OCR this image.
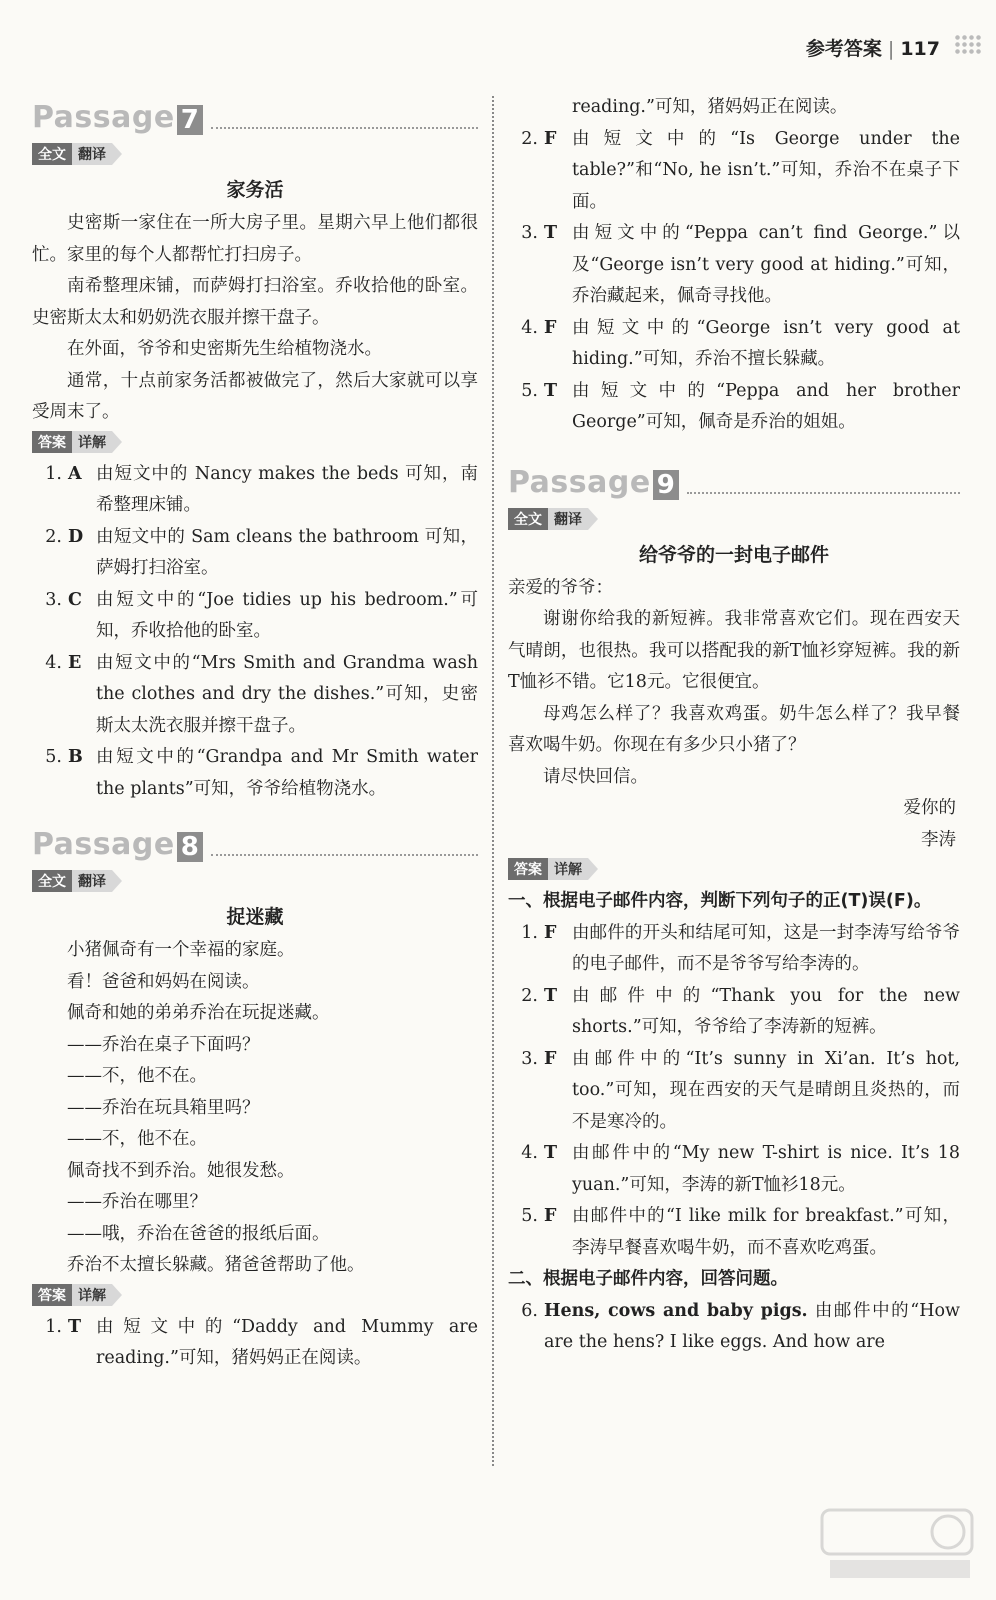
参考答案 | 117
Passage 7
全文 翻译
家务活

史密斯一家住在一所大房子里。星期六早上他们都很忙。家里的每个人都帮忙打扫房子。

南希整理床铺，而萨姆打扫浴室。乔收拾他的卧室。史密斯太太和奶奶洗衣服并擦干盘子。

在外面，爷爷和史密斯先生给植物浇水。

通常，十点前家务活都被做完了，然后大家就可以享受周末了。

答案 详解
1. A 由短文中的 Nancy makes the beds 可知，南希整理床铺。
2. D 由短文中的 Sam cleans the bathroom 可知，萨姆打扫浴室。
3. C 由短文中的“Joe tidies up his bedroom.”可知，乔收拾他的卧室。
4. E 由短文中的“Mrs Smith and Grandma wash the clothes and dry the dishes.”可知，史密斯太太洗衣服并擦干盘子。
5. B 由短文中的“Grandpa and Mr Smith water the plants”可知，爷爷给植物浇水。
Passage 8
全文 翻译
捉迷藏

小猪佩奇有一个幸福的家庭。

看！爸爸和妈妈在阅读。

佩奇和她的弟弟乔治在玩捉迷藏。

——乔治在桌子下面吗？

——不，他不在。

——乔治在玩具箱里吗？

——不，他不在。

佩奇找不到乔治。她很发愁。

——乔治在哪里？

——哦，乔治在爸爸的报纸后面。

乔治不太擅长躲藏。猪爸爸帮助了他。

答案 详解
1. T 由短文中的“Daddy and Mummy are reading.”可知，猪妈妈正在阅读。
reading.”可知，猪妈妈正在阅读。
2. F 由短文中的“Is George under the table?”和“No, he isn’t.”可知，乔治不在桌子下面。
3. T 由短文中的“Peppa can’t find George.”以及“George isn’t very good at hiding.”可知，乔治藏起来，佩奇寻找他。
4. F 由短文中的“George isn’t very good at hiding.”可知，乔治不擅长躲藏。
5. T 由短文中的“Peppa and her brother George”可知，佩奇是乔治的姐姐。
Passage 9
全文 翻译
给爷爷的一封电子邮件

亲爱的爷爷：

谢谢你给我的新短裤。我非常喜欢它们。现在西安天气晴朗，也很热。我可以搭配我的新T恤衫穿短裤。我的新T恤衫不错。它18元。它很便宜。

母鸡怎么样了？我喜欢鸡蛋。奶牛怎么样了？我早餐喜欢喝牛奶。你现在有多少只小猪了？

请尽快回信。

爱你的

李涛

答案 详解

一、根据电子邮件内容，判断下列句子的正(T)误(F)。

1. F 由邮件的开头和结尾可知，这是一封李涛写给爷爷的电子邮件，而不是爷爷写给李涛的。
2. T 由邮件中的“Thank you for the new shorts.”可知，爷爷给了李涛新的短裤。
3. F 由邮件中的“It’s sunny in Xi’an. It’s hot, too.”可知，现在西安的天气是晴朗且炎热的，而不是寒冷的。
4. T 由邮件中的“My new T-shirt is nice. It’s 18 yuan.”可知，李涛的新T恤衫18元。
5. F 由邮件中的“I like milk for breakfast.”可知，李涛早餐喜欢喝牛奶，而不喜欢吃鸡蛋。

二、根据电子邮件内容，回答问题。

6. Hens, cows and baby pigs. 由邮件中的“How are the hens? I like eggs. And how are
